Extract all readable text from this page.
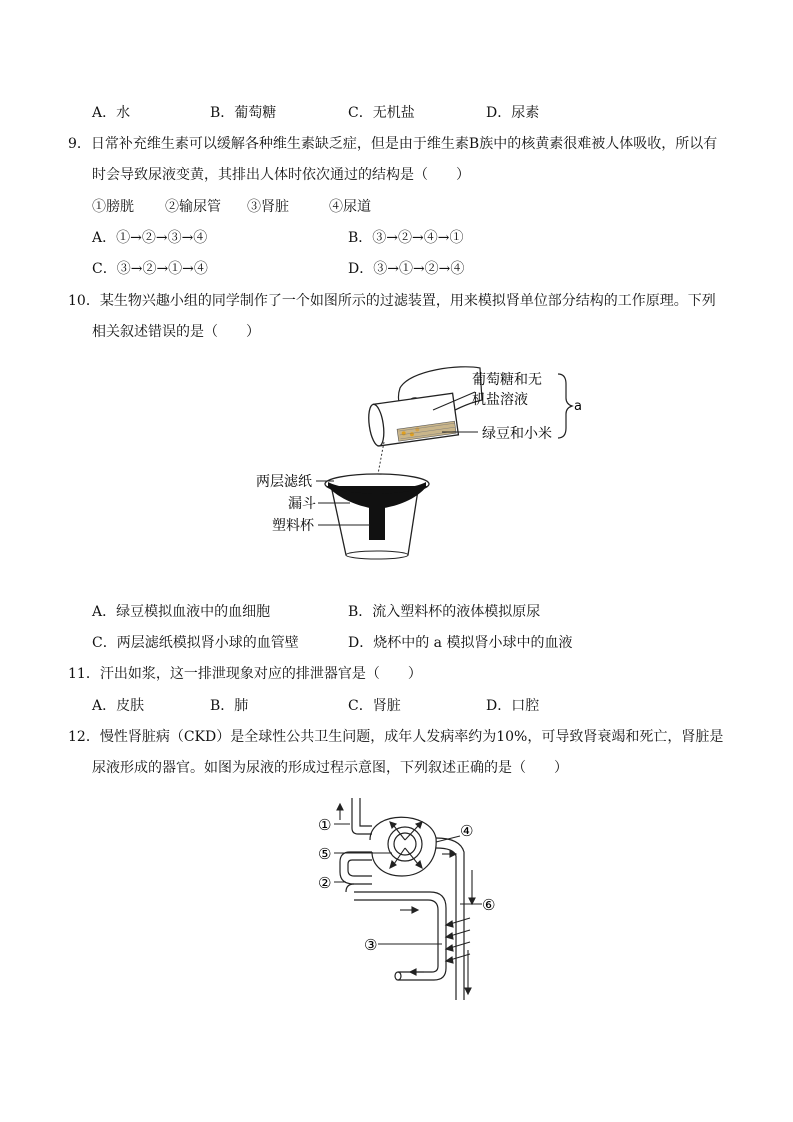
A．水	B．葡萄糖	C．无机盐	D．尿素
9．日常补充维生素可以缓解各种维生素缺乏症，但是由于维生素B族中的核黄素很难被人体吸收，所以有
时会导致尿液变黄，其排出人体时依次通过的结构是（　　）
①膀胱 ②输尿管 ③肾脏	④尿道
A．①→②→③→④	B．③→②→④→①
C．③→②→①→④	D．③→①→②→④
10．某生物兴趣小组的同学制作了一个如图所示的过滤装置，用来模拟肾单位部分结构的工作原理。下列
相关叙述错误的是（　　）
葡萄糖和无
机盐溶液
绿豆和小米
a
两层滤纸
漏斗
塑料杯
A．绿豆模拟血液中的血细胞	B．流入塑料杯的液体模拟原尿
C．两层滤纸模拟肾小球的血管壁	D．烧杯中的 a 模拟肾小球中的血液
11．汗出如浆，这一排泄现象对应的排泄器官是（　　）
A．皮肤	B．肺	C．肾脏	D．口腔
12．慢性肾脏病（CKD）是全球性公共卫生问题，成年人发病率约为10%，可导致肾衰竭和死亡，肾脏是
尿液形成的器官。如图为尿液的形成过程示意图，下列叙述正确的是（　　）
①
②
③
④
⑤
⑥
